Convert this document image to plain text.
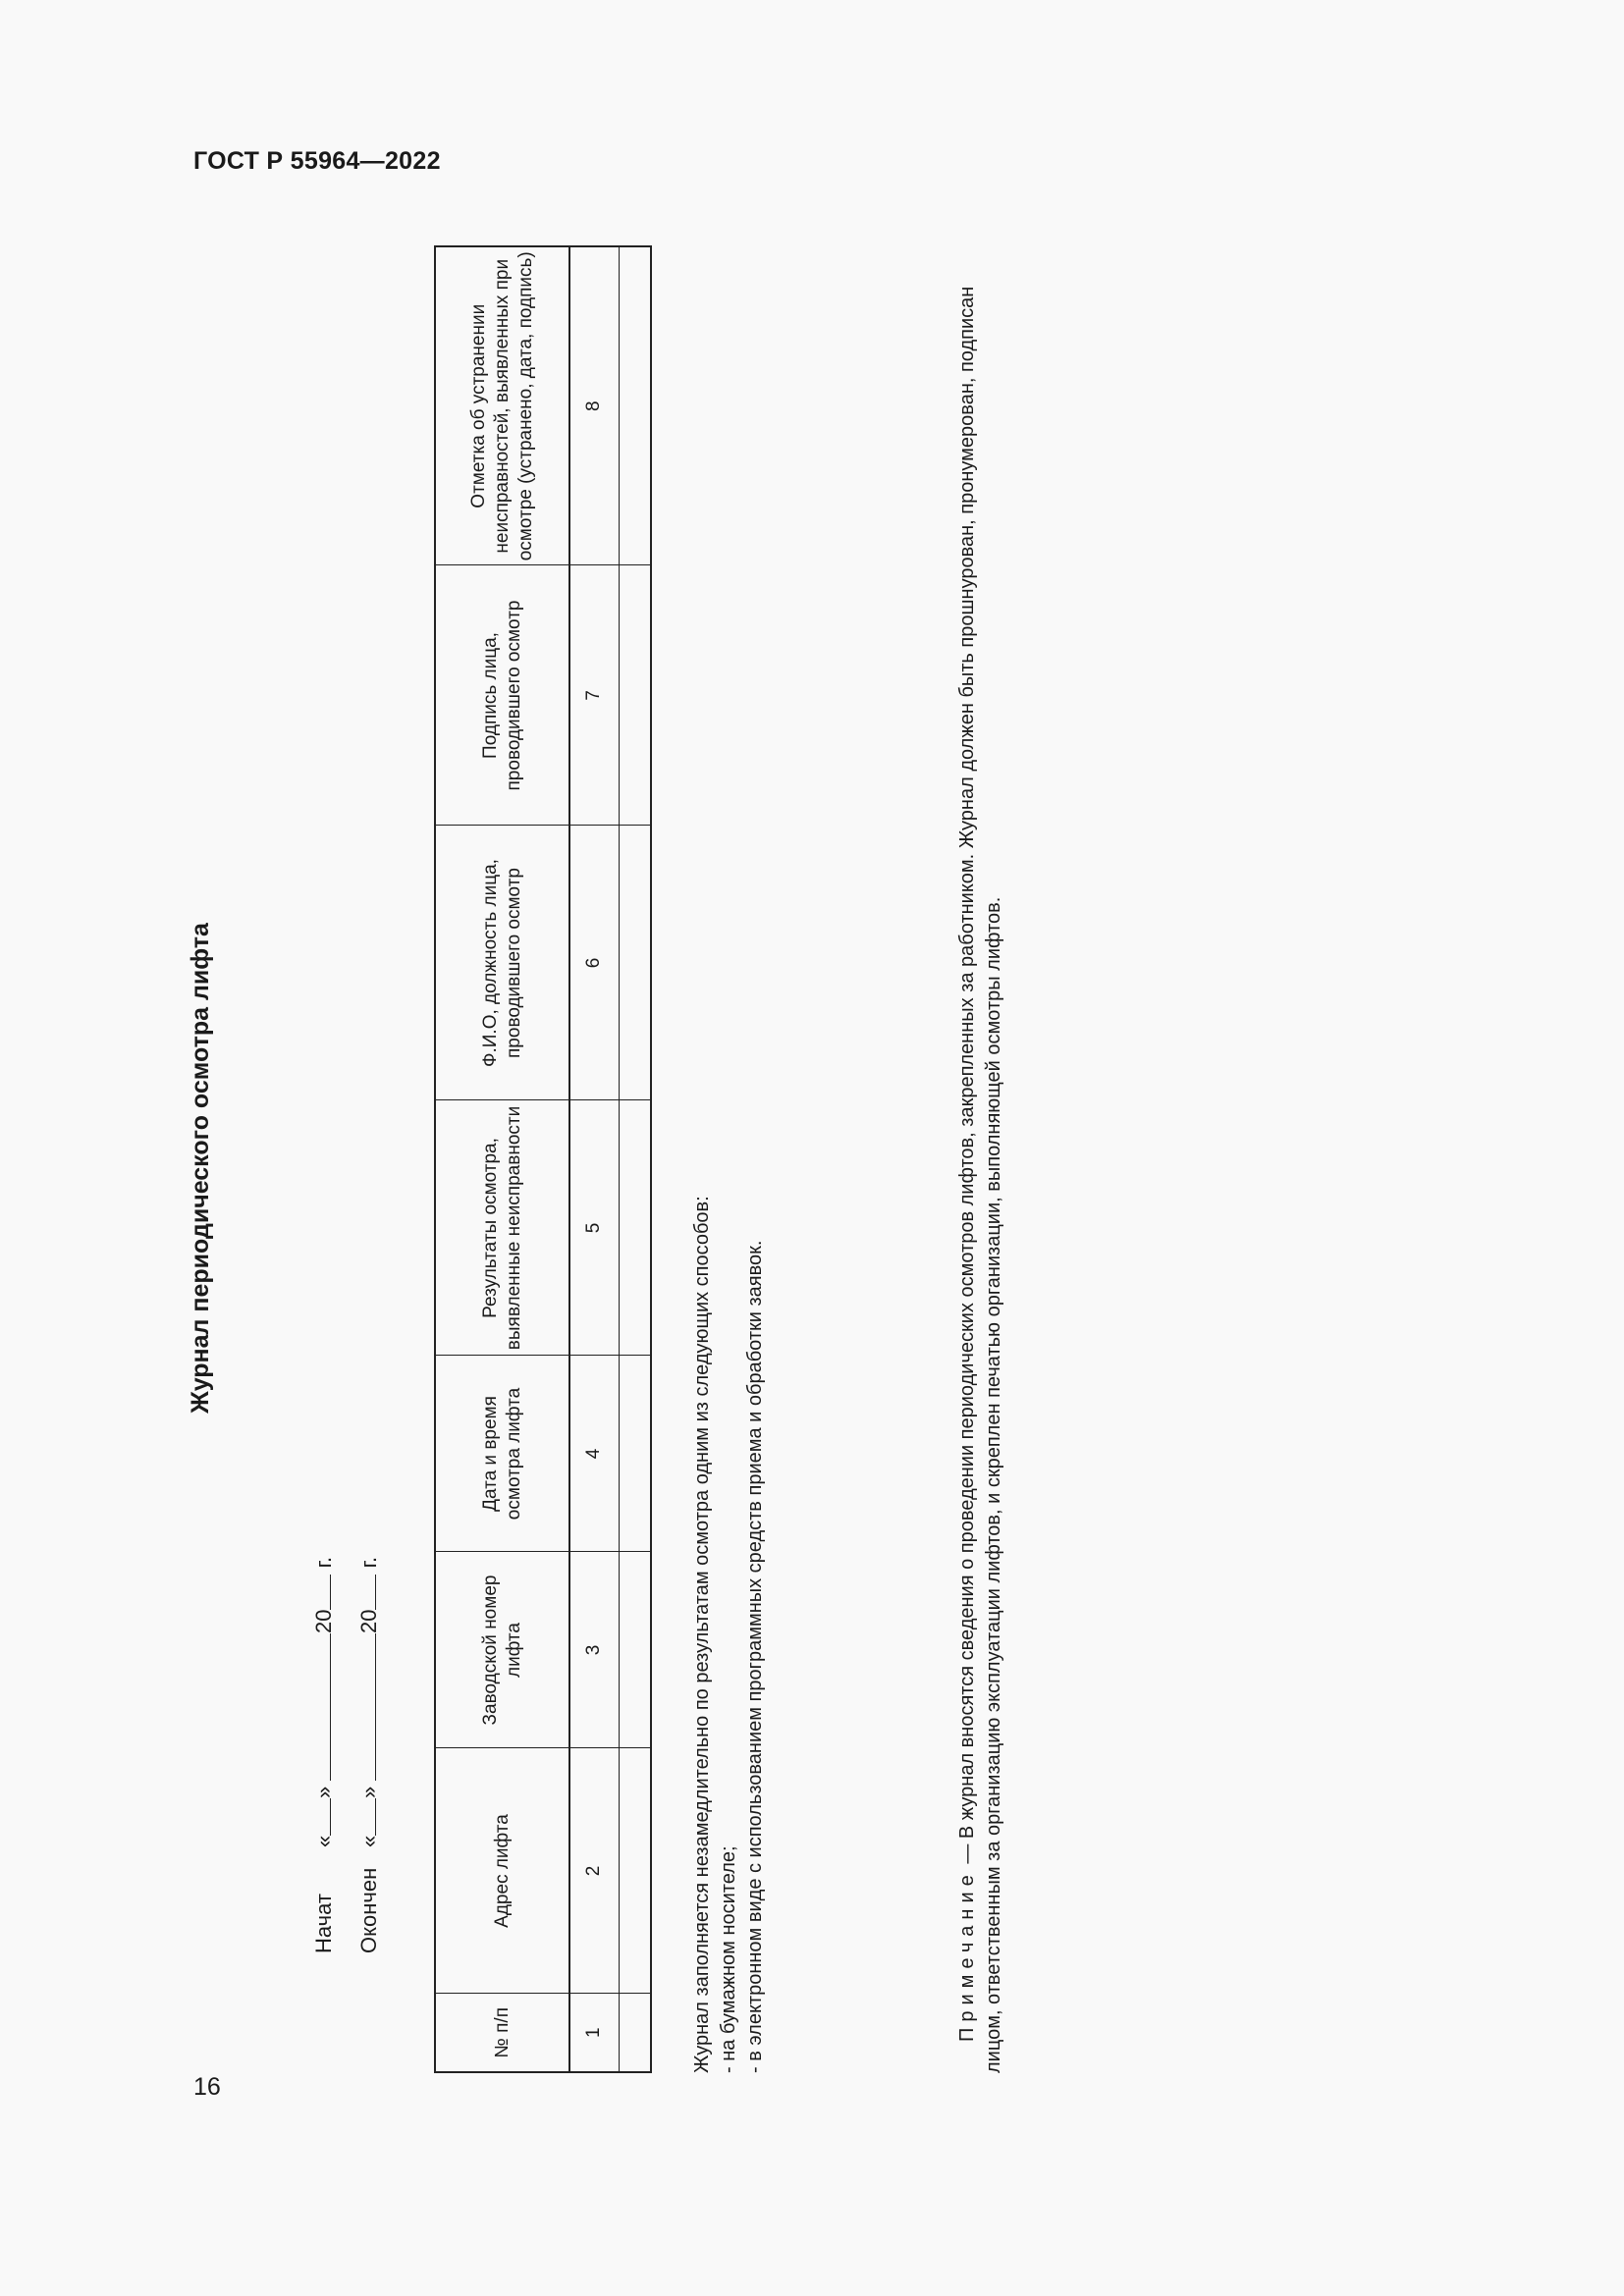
ГОСТ Р 55964—2022
16
Журнал периодического осмотра лифта
Начат«»20 г.
Окончен«»20 г.
№ п/п	Адрес лифта	Заводской номер лифта	Дата и время осмотра лифта	Результаты осмотра, выявленные неисправности	Ф.И.О, должность лица, проводившего осмотр	Подпись лица, проводившего осмотр	Отметка об устранении неисправностей, выявленных при осмотре (устранено, дата, подпись)
1	2	3	4	5	6	7	8

Журнал заполняется незамедлительно по результатам осмотра одним из следующих способов: - на бумажном носителе; - в электронном виде с использованием программных средств приема и обработки заявок.	Примечание — В журнал вносятся сведения о проведении периодических осмотров лифтов, закрепленных за работником. Журнал должен быть прошнурован, пронумерован, подписан лицом, ответственным за организацию эксплуатации лифтов, и скреплен печатью организации, выполняющей осмотры лифтов.
